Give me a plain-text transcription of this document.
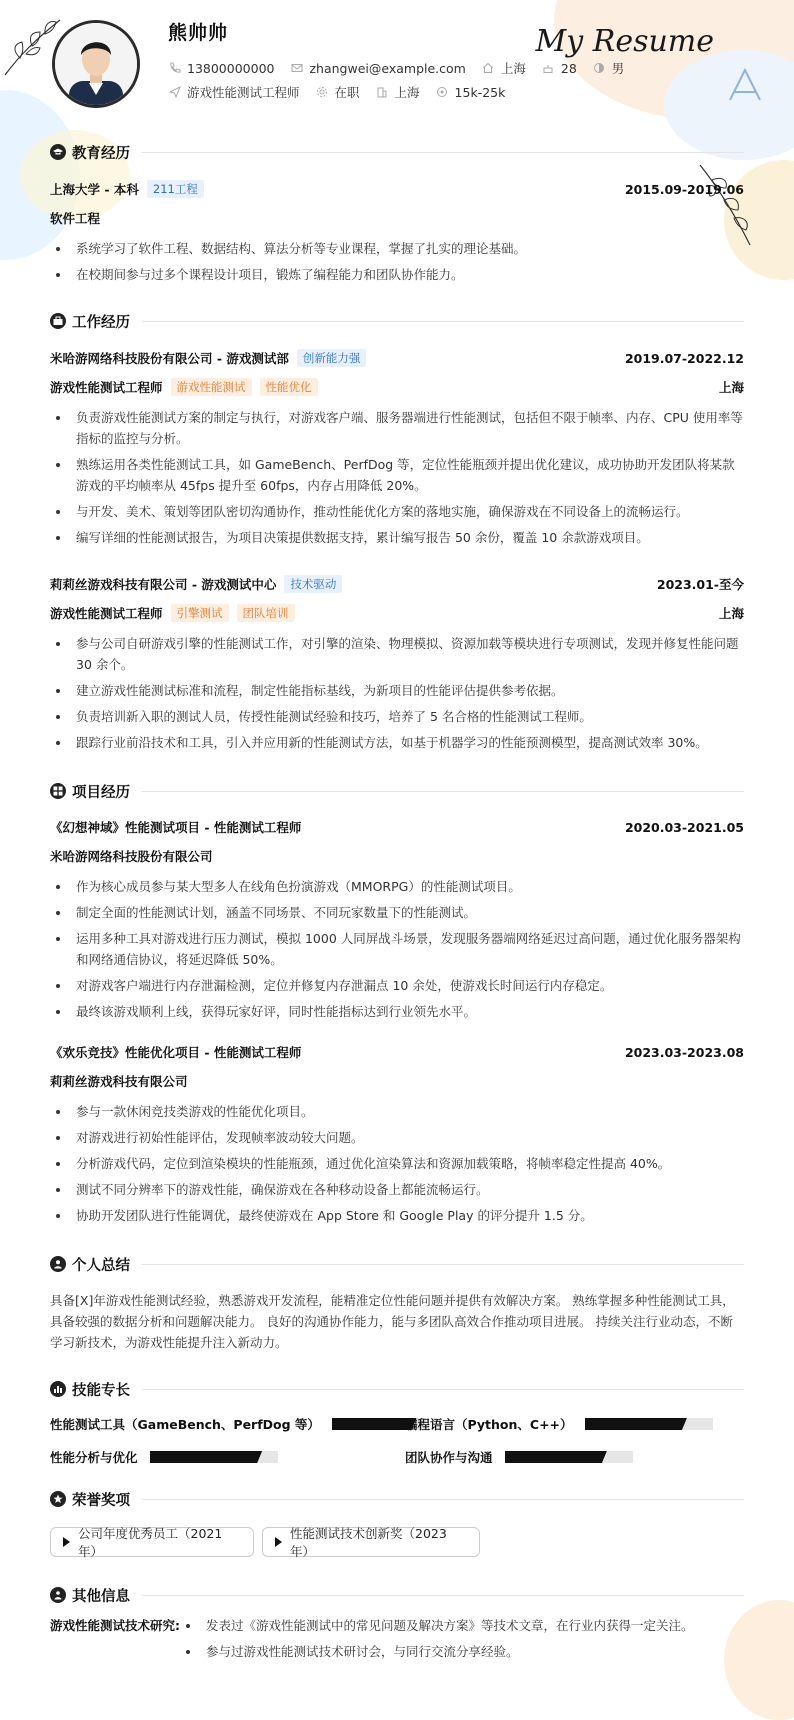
熊帅帅	My Resume
13800000000	zhangwei@example.com	上海	28	男
游戏性能测试工程师	在职	上海	15k-25k
教育经历
上海大学 - 本科	211工程	2015.09-2019.06
软件工程
系统学习了软件工程、数据结构、算法分析等专业课程，掌握了扎实的理论基础。
在校期间参与过多个课程设计项目，锻炼了编程能力和团队协作能力。
工作经历
米哈游网络科技股份有限公司 - 游戏测试部	创新能力强	2019.07-2022.12
游戏性能测试工程师	游戏性能测试	性能优化	上海
负责游戏性能测试方案的制定与执行，对游戏客户端、服务器端进行性能测试，包括但不限于帧率、内存、CPU 使用率等指标的监控与分析。
熟练运用各类性能测试工具，如 GameBench、PerfDog 等，定位性能瓶颈并提出优化建议，成功协助开发团队将某款游戏的平均帧率从 45fps 提升至 60fps，内存占用降低 20%。
与开发、美术、策划等团队密切沟通协作，推动性能优化方案的落地实施，确保游戏在不同设备上的流畅运行。
编写详细的性能测试报告，为项目决策提供数据支持，累计编写报告 50 余份，覆盖 10 余款游戏项目。
莉莉丝游戏科技有限公司 - 游戏测试中心	技术驱动	2023.01-至今
游戏性能测试工程师	引擎测试	团队培训	上海
参与公司自研游戏引擎的性能测试工作，对引擎的渲染、物理模拟、资源加载等模块进行专项测试，发现并修复性能问题 30 余个。
建立游戏性能测试标准和流程，制定性能指标基线，为新项目的性能评估提供参考依据。
负责培训新入职的测试人员，传授性能测试经验和技巧，培养了 5 名合格的性能测试工程师。
跟踪行业前沿技术和工具，引入并应用新的性能测试方法，如基于机器学习的性能预测模型，提高测试效率 30%。
项目经历
《幻想神域》性能测试项目 - 性能测试工程师	2020.03-2021.05
米哈游网络科技股份有限公司
作为核心成员参与某大型多人在线角色扮演游戏（MMORPG）的性能测试项目。
制定全面的性能测试计划，涵盖不同场景、不同玩家数量下的性能测试。
运用多种工具对游戏进行压力测试，模拟 1000 人同屏战斗场景，发现服务器端网络延迟过高问题，通过优化服务器架构和网络通信协议，将延迟降低 50%。
对游戏客户端进行内存泄漏检测，定位并修复内存泄漏点 10 余处，使游戏长时间运行内存稳定。
最终该游戏顺利上线，获得玩家好评，同时性能指标达到行业领先水平。
《欢乐竞技》性能优化项目 - 性能测试工程师	2023.03-2023.08
莉莉丝游戏科技有限公司
参与一款休闲竞技类游戏的性能优化项目。
对游戏进行初始性能评估，发现帧率波动较大问题。
分析游戏代码，定位到渲染模块的性能瓶颈，通过优化渲染算法和资源加载策略，将帧率稳定性提高 40%。
测试不同分辨率下的游戏性能，确保游戏在各种移动设备上都能流畅运行。
协助开发团队进行性能调优，最终使游戏在 App Store 和 Google Play 的评分提升 1.5 分。
个人总结
具备[X]年游戏性能测试经验，熟悉游戏开发流程，能精准定位性能问题并提供有效解决方案。 熟练掌握多种性能测试工具，具备较强的数据分析和问题解决能力。 良好的沟通协作能力，能与多团队高效合作推动项目进展。 持续关注行业动态，不断学习新技术，为游戏性能提升注入新动力。
技能专长
性能测试工具（GameBench、PerfDog 等）	编程语言（Python、C++）
性能分析与优化	团队协作与沟通
荣誉奖项
公司年度优秀员工（2021 年）
性能测试技术创新奖（2023 年）
其他信息
游戏性能测试技术研究:	发表过《游戏性能测试中的常见问题及解决方案》等技术文章，在行业内获得一定关注。
参与过游戏性能测试技术研讨会，与同行交流分享经验。
